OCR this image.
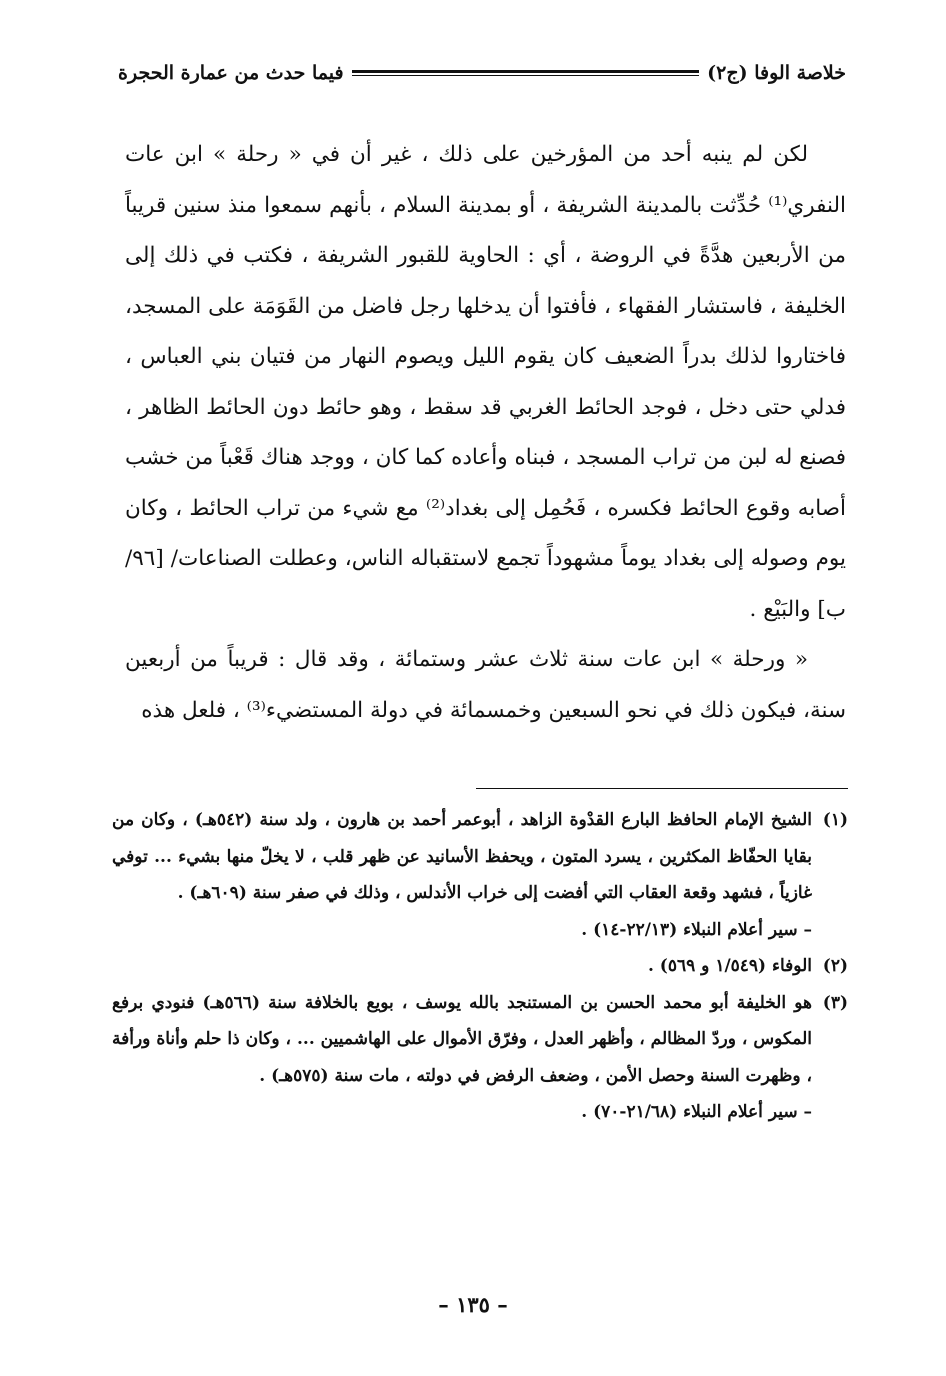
خلاصة الوفا (ج٢)
فيما حدث من عمارة الحجرة

لكن لم ينبه أحد من المؤرخين على ذلك ، غير أن في « رحلة » ابن عات النفري⁽¹⁾ حُدِّثت بالمدينة الشريفة ، أو بمدينة السلام ، بأنهم سمعوا منذ سنين قريباً من الأربعين هدَّةً في الروضة ، أي : الحاوية للقبور الشريفة ، فكتب في ذلك إلى الخليفة ، فاستشار الفقهاء ، فأفتوا أن يدخلها رجل فاضل من القَوَمَة على المسجد، فاختاروا لذلك بدراً الضعيف كان يقوم الليل ويصوم النهار من فتيان بني العباس ، فدلي حتى دخل ، فوجد الحائط الغربي قد سقط ، وهو حائط دون الحائط الظاهر ، فصنع له لبن من تراب المسجد ، فبناه وأعاده كما كان ، ووجد هناك قَعْباً من خشب أصابه وقوع الحائط فكسره ، فَحُمِل إلى بغداد⁽²⁾ مع شيء من تراب الحائط ، وكان يوم وصوله إلى بغداد يوماً مشهوداً تجمع لاستقباله الناس، وعطلت الصناعات/ [٩٦/ب] والبَيْع .

« ورحلة » ابن عات سنة ثلاث عشر وستمائة ، وقد قال : قريباً من أربعين سنة، فيكون ذلك في نحو السبعين وخمسمائة في دولة المستضيء⁽³⁾ ، فلعل هذه

(١)
الشيخ الإمام الحافظ البارع القدْوة الزاهد ، أبوعمر أحمد بن هارون ، ولد سنة (٥٤٢هـ) ، وكان من بقايا الحفّاظ المكثرين ، يسرد المتون ، ويحفظ الأسانيد عن ظهر قلب ، لا يخلّ منها بشيء ... توفي غازياً ، فشهد وقعة العقاب التي أفضت إلى خراب الأندلس ، وذلك في صفر سنة (٦٠٩هـ) .
– سير أعلام النبلاء (٢٢/١٣-١٤) .
(٢)
الوفاء (١/٥٤٩ و ٥٦٩) .
(٣)
هو الخليفة أبو محمد الحسن بن المستنجد بالله يوسف ، بويع بالخلافة سنة (٥٦٦هـ) فنودي برفع المكوس ، وردّ المظالم ، وأظهر العدل ، وفرّق الأموال على الهاشميين ... ، وكان ذا حلم وأناة ورأفة ، وظهرت السنة وحصل الأمن ، وضعف الرفض في دولته ، مات سنة (٥٧٥هـ) .
– سير أعلام النبلاء (٢١/٦٨-٧٠) .
– ١٣٥ –
